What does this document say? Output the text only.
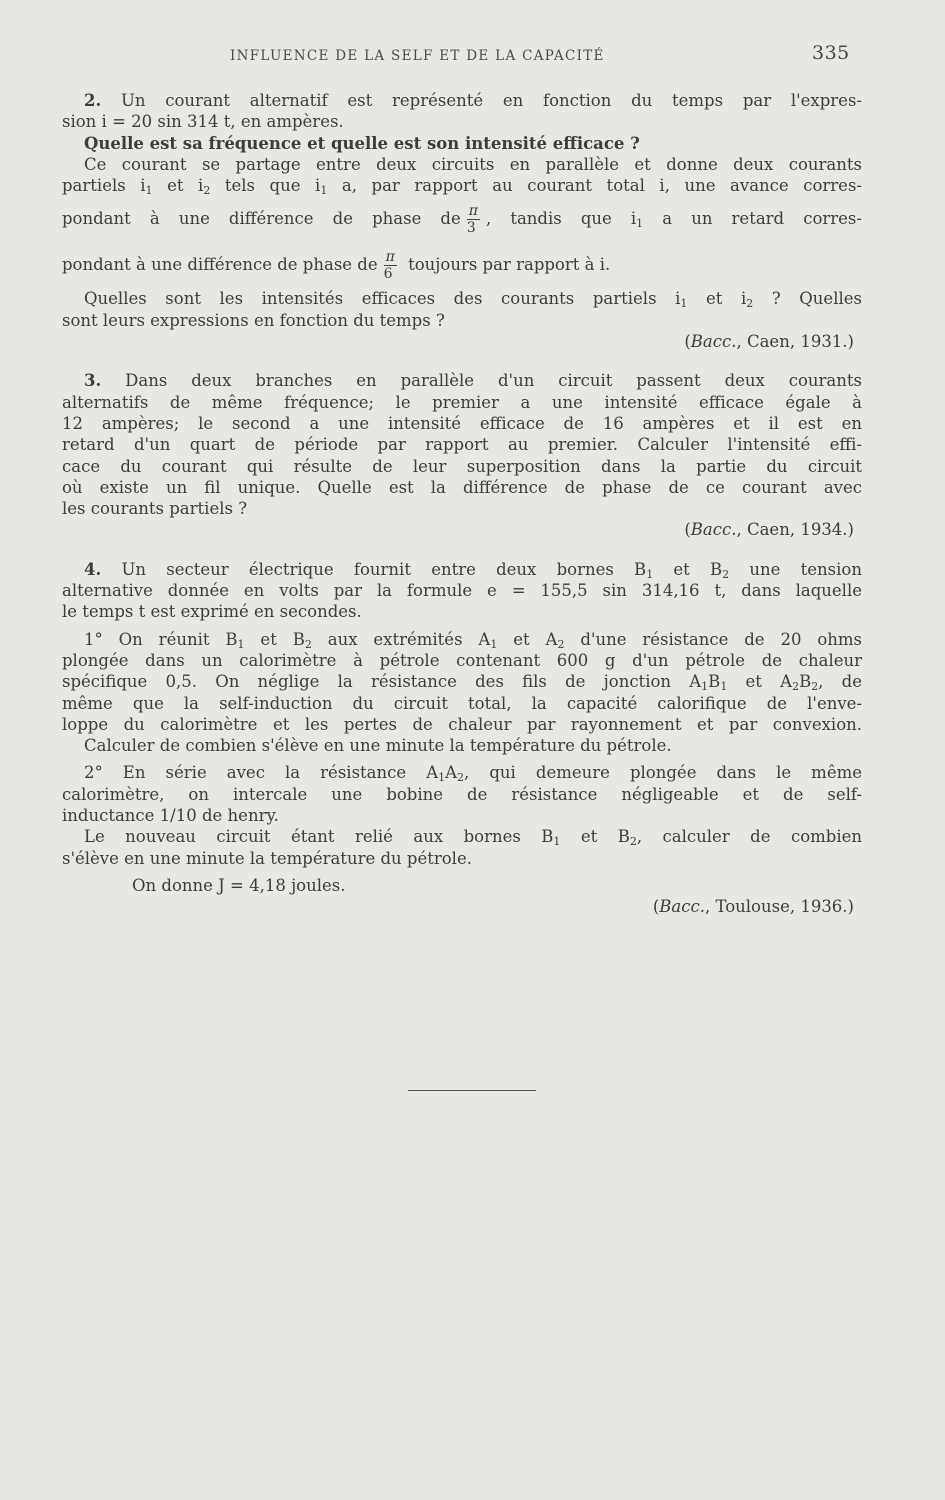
INFLUENCE DE LA SELF ET DE LA CAPACITÉ	335
2. Un courant alternatif est représenté en fonction du temps par l'expres-
sion i = 20 sin 314 t, en ampères.
Quelle est sa fréquence et quelle est son intensité efficace ?
Ce courant se partage entre deux circuits en parallèle et donne deux courants
partiels $i_1$ et $i_2$ tels que $i_1$ a, par rapport au courant total i, une avance corres-
pondant à une différence de phase de $\frac{\pi}{3}$ , tandis que $i_1$ a un retard corres-
pondant à une différence de phase de $\frac{\pi}{6}$ toujours par rapport à i.
Quelles sont les intensités efficaces des courants partiels $i_1$ et $i_2$ ? Quelles
sont leurs expressions en fonction du temps ?
(Bacc., Caen, 1931.)
3. Dans deux branches en parallèle d'un circuit passent deux courants
alternatifs de même fréquence; le premier a une intensité efficace égale à
12 ampères; le second a une intensité efficace de 16 ampères et il est en
retard d'un quart de période par rapport au premier. Calculer l'intensité effi-
cace du courant qui résulte de leur superposition dans la partie du circuit
où existe un fil unique. Quelle est la différence de phase de ce courant avec
les courants partiels ?
(Bacc., Caen, 1934.)
4. Un secteur électrique fournit entre deux bornes $B_1$ et $B_2$ une tension
alternative donnée en volts par la formule e = 155,5 sin 314,16 t, dans laquelle
le temps t est exprimé en secondes.
1° On réunit $B_1$ et $B_2$ aux extrémités $A_1$ et $A_2$ d'une résistance de 20 ohms
plongée dans un calorimètre à pétrole contenant 600 g d'un pétrole de chaleur
spécifique 0,5. On néglige la résistance des fils de jonction $A_1B_1$ et $A_2B_2$, de
même que la self-induction du circuit total, la capacité calorifique de l'enve-
loppe du calorimètre et les pertes de chaleur par rayonnement et par convexion.
Calculer de combien s'élève en une minute la température du pétrole.
2° En série avec la résistance $A_1A_2$, qui demeure plongée dans le même
calorimètre, on intercale une bobine de résistance négligeable et de self-
inductance 1/10 de henry.
Le nouveau circuit étant relié aux bornes $B_1$ et $B_2$, calculer de combien
s'élève en une minute la température du pétrole.
On donne J = 4,18 joules.
(Bacc., Toulouse, 1936.)
